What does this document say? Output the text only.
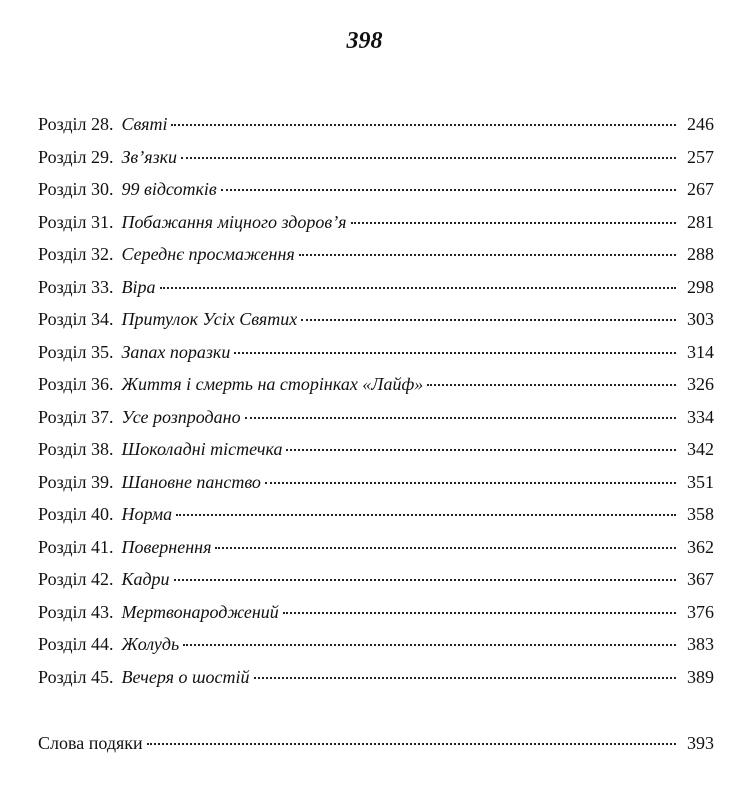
398
Розділ 28. Святі	246
Розділ 29. Зв’язки	257
Розділ 30. 99 відсотків	267
Розділ 31. Побажання міцного здоров’я	281
Розділ 32. Середнє просмаження	288
Розділ 33. Віра	298
Розділ 34. Притулок Усіх Святих	303
Розділ 35. Запах поразки	314
Розділ 36. Життя і смерть на сторінках «Лайф»	326
Розділ 37. Усе розпродано	334
Розділ 38. Шоколадні тістечка	342
Розділ 39. Шановне панство	351
Розділ 40. Норма	358
Розділ 41. Повернення	362
Розділ 42. Кадри	367
Розділ 43. Мертвонароджений	376
Розділ 44. Жолудь	383
Розділ 45. Вечеря о шостій	389
Слова подяки	393
